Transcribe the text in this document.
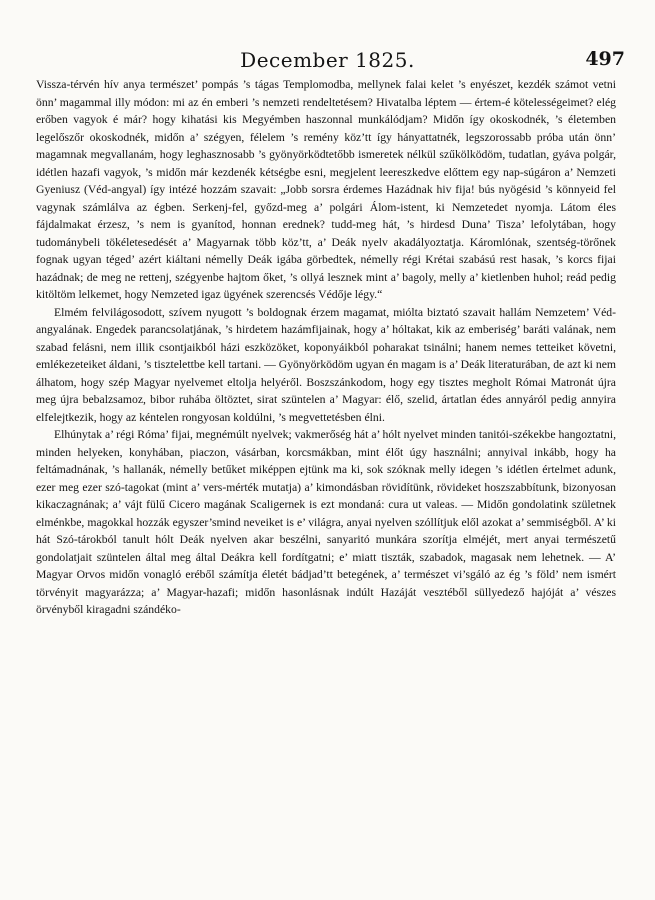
December 1825.	497

Vissza-térvén hív anya természet’ pompás ’s tágas Templomodba, mellynek falai kelet ’s enyészet, kezdék számot vetni önn’ magammal illy módon: mi az én emberi ’s nemzeti rendeltetésem? Hivatalba léptem — értem-é kötelességeimet? elég erőben vagyok é már? hogy kihatási kis Megyémben haszonnal munkálódjam? Midőn így okoskodnék, ’s életemben legelőszőr okoskodnék, midőn a’ szégyen, félelem ’s remény köz’tt így hányattatnék, legszorossabb próba után önn’ magamnak megvallanám, hogy leghasznosabb ’s gyönyörködtetőbb ismeretek nélkül szűkölködöm, tudatlan, gyáva polgár, idétlen hazafi vagyok, ’s midőn már kezdenék kétségbe esni, megjelent leereszkedve előttem egy nap-súgáron a’ Nemzeti Gyeniusz (Véd-angyal) így intézé hozzám szavait: „Jobb sorsra érdemes Hazádnak hiv fija! bús nyögésid ’s könnyeid fel vagynak számlálva az égben. Serkenj-fel, győzd-meg a’ polgári Álom-istent, ki Nemzetedet nyomja. Látom éles fájdalmakat érzesz, ’s nem is gyanítod, honnan erednek? tudd-meg hát, ’s hirdesd Duna’ Tisza’ lefolytában, hogy tudománybeli tökéletesedését a’ Magyarnak több köz’tt, a’ Deák nyelv akadályoztatja. Káromlónak, szentség-törőnek fognak ugyan téged’ azért kiáltani némelly Deák igába görbedtek, némelly régi Krétai szabású rest hasak, ’s korcs fijai hazádnak; de meg ne rettenj, szégyenbe hajtom őket, ’s ollyá lesznek mint a’ bagoly, melly a’ kietlenben huhol; reád pedig kitöltöm lelkemet, hogy Nemzeted igaz ügyének szerencsés Védője légy.“

Elmém felvilágosodott, szívem nyugott ’s boldognak érzem magamat, miólta biztató szavait hallám Nemzetem’ Véd-angyalának. Engedek parancsolatjának, ’s hirdetem hazámfijainak, hogy a’ hóltakat, kik az emberiség’ baráti valának, nem szabad felásni, nem illik csontjaikból házi eszközöket, koponyáikból poharakat tsinálni; hanem nemes tetteiket követni, emlékezeteiket áldani, ’s tisztelettbe kell tartani. — Gyönyörködöm ugyan én magam is a’ Deák literaturában, de azt ki nem álhatom, hogy szép Magyar nyelvemet eltolja helyéről. Boszszánkodom, hogy egy tisztes megholt Római Matronát újra meg újra bebalzsamoz, bibor ruhába öltöztet, sirat szüntelen a’ Magyar: élő, szelid, ártatlan édes annyáról pedig annyira elfelejtkezik, hogy az kéntelen rongyosan koldúlni, ’s megvettetésben élni.

Elhúnytak a’ régi Róma’ fijai, megnémúlt nyelvek; vakmerőség hát a’ hólt nyelvet minden tanitói-székekbe hangoztatni, minden helyeken, konyhában, piaczon, vásárban, korcsmákban, mint élőt úgy használni; annyival inkább, hogy ha feltámadnának, ’s hallanák, némelly betűket miképpen ejtünk ma ki, sok szóknak melly idegen ’s idétlen értelmet adunk, ezer meg ezer szó-tagokat (mint a’ vers-mérték mutatja) a’ kimondásban rövidítünk, rövideket hoszszabbítunk, bizonyosan kikaczagnának; a’ vájt fülű Cicero magának Scaligernek is ezt mondaná: cura ut valeas. — Midőn gondolatink születnek elménkbe, magokkal hozzák egyszer’smind neveiket is e’ világra, anyai nyelven szóllítjuk elől azokat a’ semmiségből. A’ ki hát Szó-tárokból tanult hólt Deák nyelven akar beszélni, sanyaritó munkára szorítja elméjét, mert anyai természetű gondolatjait szüntelen által meg által Deákra kell fordítgatni; e’ miatt tiszták, szabadok, magasak nem lehetnek. — A’ Magyar Orvos midőn vonagló eréből számítja életét bádjad’tt betegének, a’ természet vi’sgáló az ég ’s föld’ nem ismért törvényit magyarázza; a’ Magyar-hazafi; midőn hasonlásnak indúlt Hazáját vesztéből süllyedező hajóját a’ vészes örvényből kiragadni szándéko-
